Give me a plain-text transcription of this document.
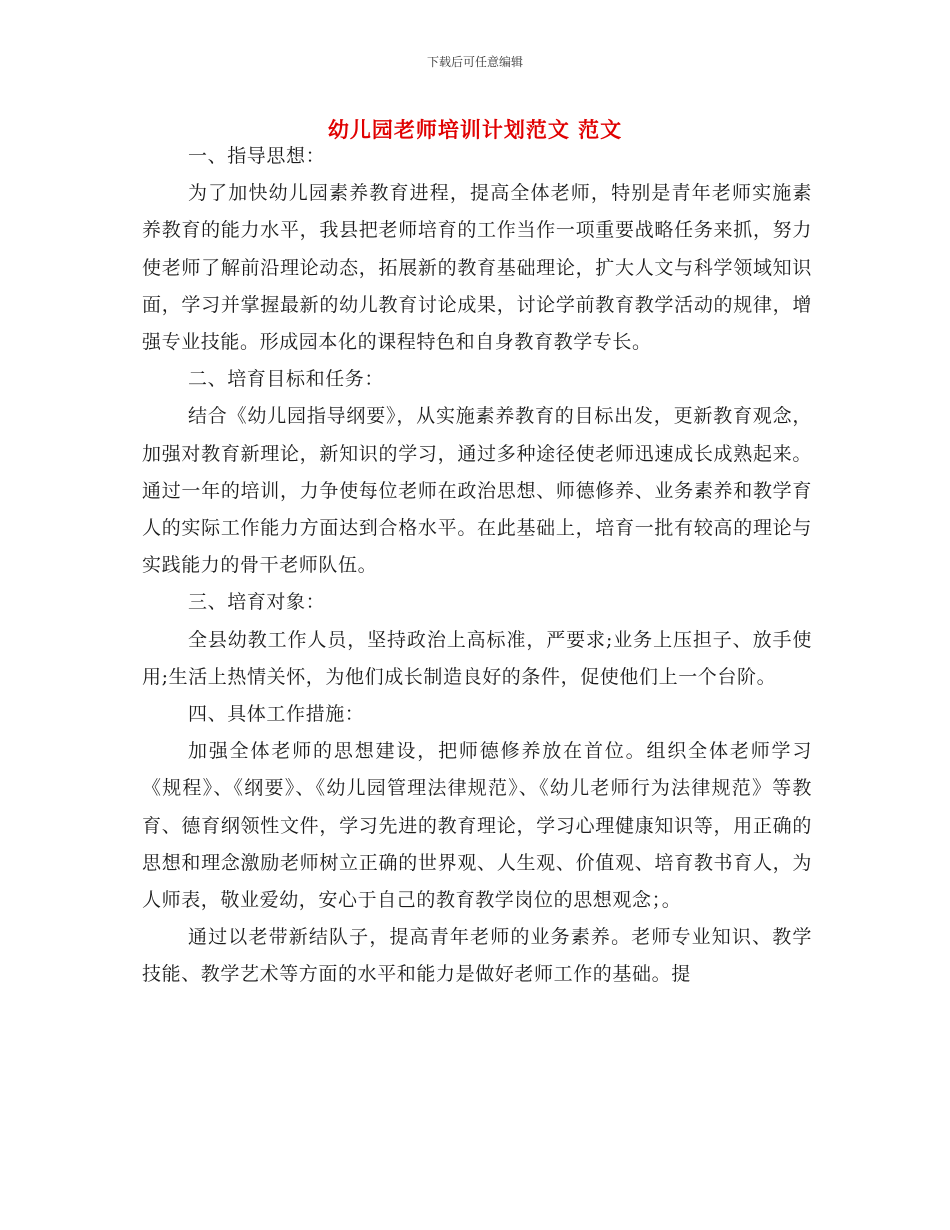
下载后可任意编辑
幼儿园老师培训计划范文 范文

一、指导思想：

为了加快幼儿园素养教育进程，提高全体老师，特别是青年老师实施素养教育的能力水平，我县把老师培育的工作当作一项重要战略任务来抓，努力使老师了解前沿理论动态，拓展新的教育基础理论，扩大人文与科学领域知识面，学习并掌握最新的幼儿教育讨论成果，讨论学前教育教学活动的规律，增强专业技能。形成园本化的课程特色和自身教育教学专长。

二、培育目标和任务：

结合《幼儿园指导纲要》，从实施素养教育的目标出发，更新教育观念，加强对教育新理论，新知识的学习，通过多种途径使老师迅速成长成熟起来。通过一年的培训，力争使每位老师在政治思想、师德修养、业务素养和教学育人的实际工作能力方面达到合格水平。在此基础上，培育一批有较高的理论与实践能力的骨干老师队伍。

三、培育对象：

全县幼教工作人员，坚持政治上高标准，严要求;业务上压担子、放手使用;生活上热情关怀，为他们成长制造良好的条件，促使他们上一个台阶。

四、具体工作措施：

加强全体老师的思想建设，把师德修养放在首位。组织全体老师学习《规程》、《纲要》、《幼儿园管理法律规范》、《幼儿老师行为法律规范》等教育、德育纲领性文件，学习先进的教育理论，学习心理健康知识等，用正确的思想和理念激励老师树立正确的世界观、人生观、价值观、培育教书育人，为人师表，敬业爱幼，安心于自己的教育教学岗位的思想观念；。

通过以老带新结队子，提高青年老师的业务素养。老师专业知识、教学技能、教学艺术等方面的水平和能力是做好老师工作的基础。提
